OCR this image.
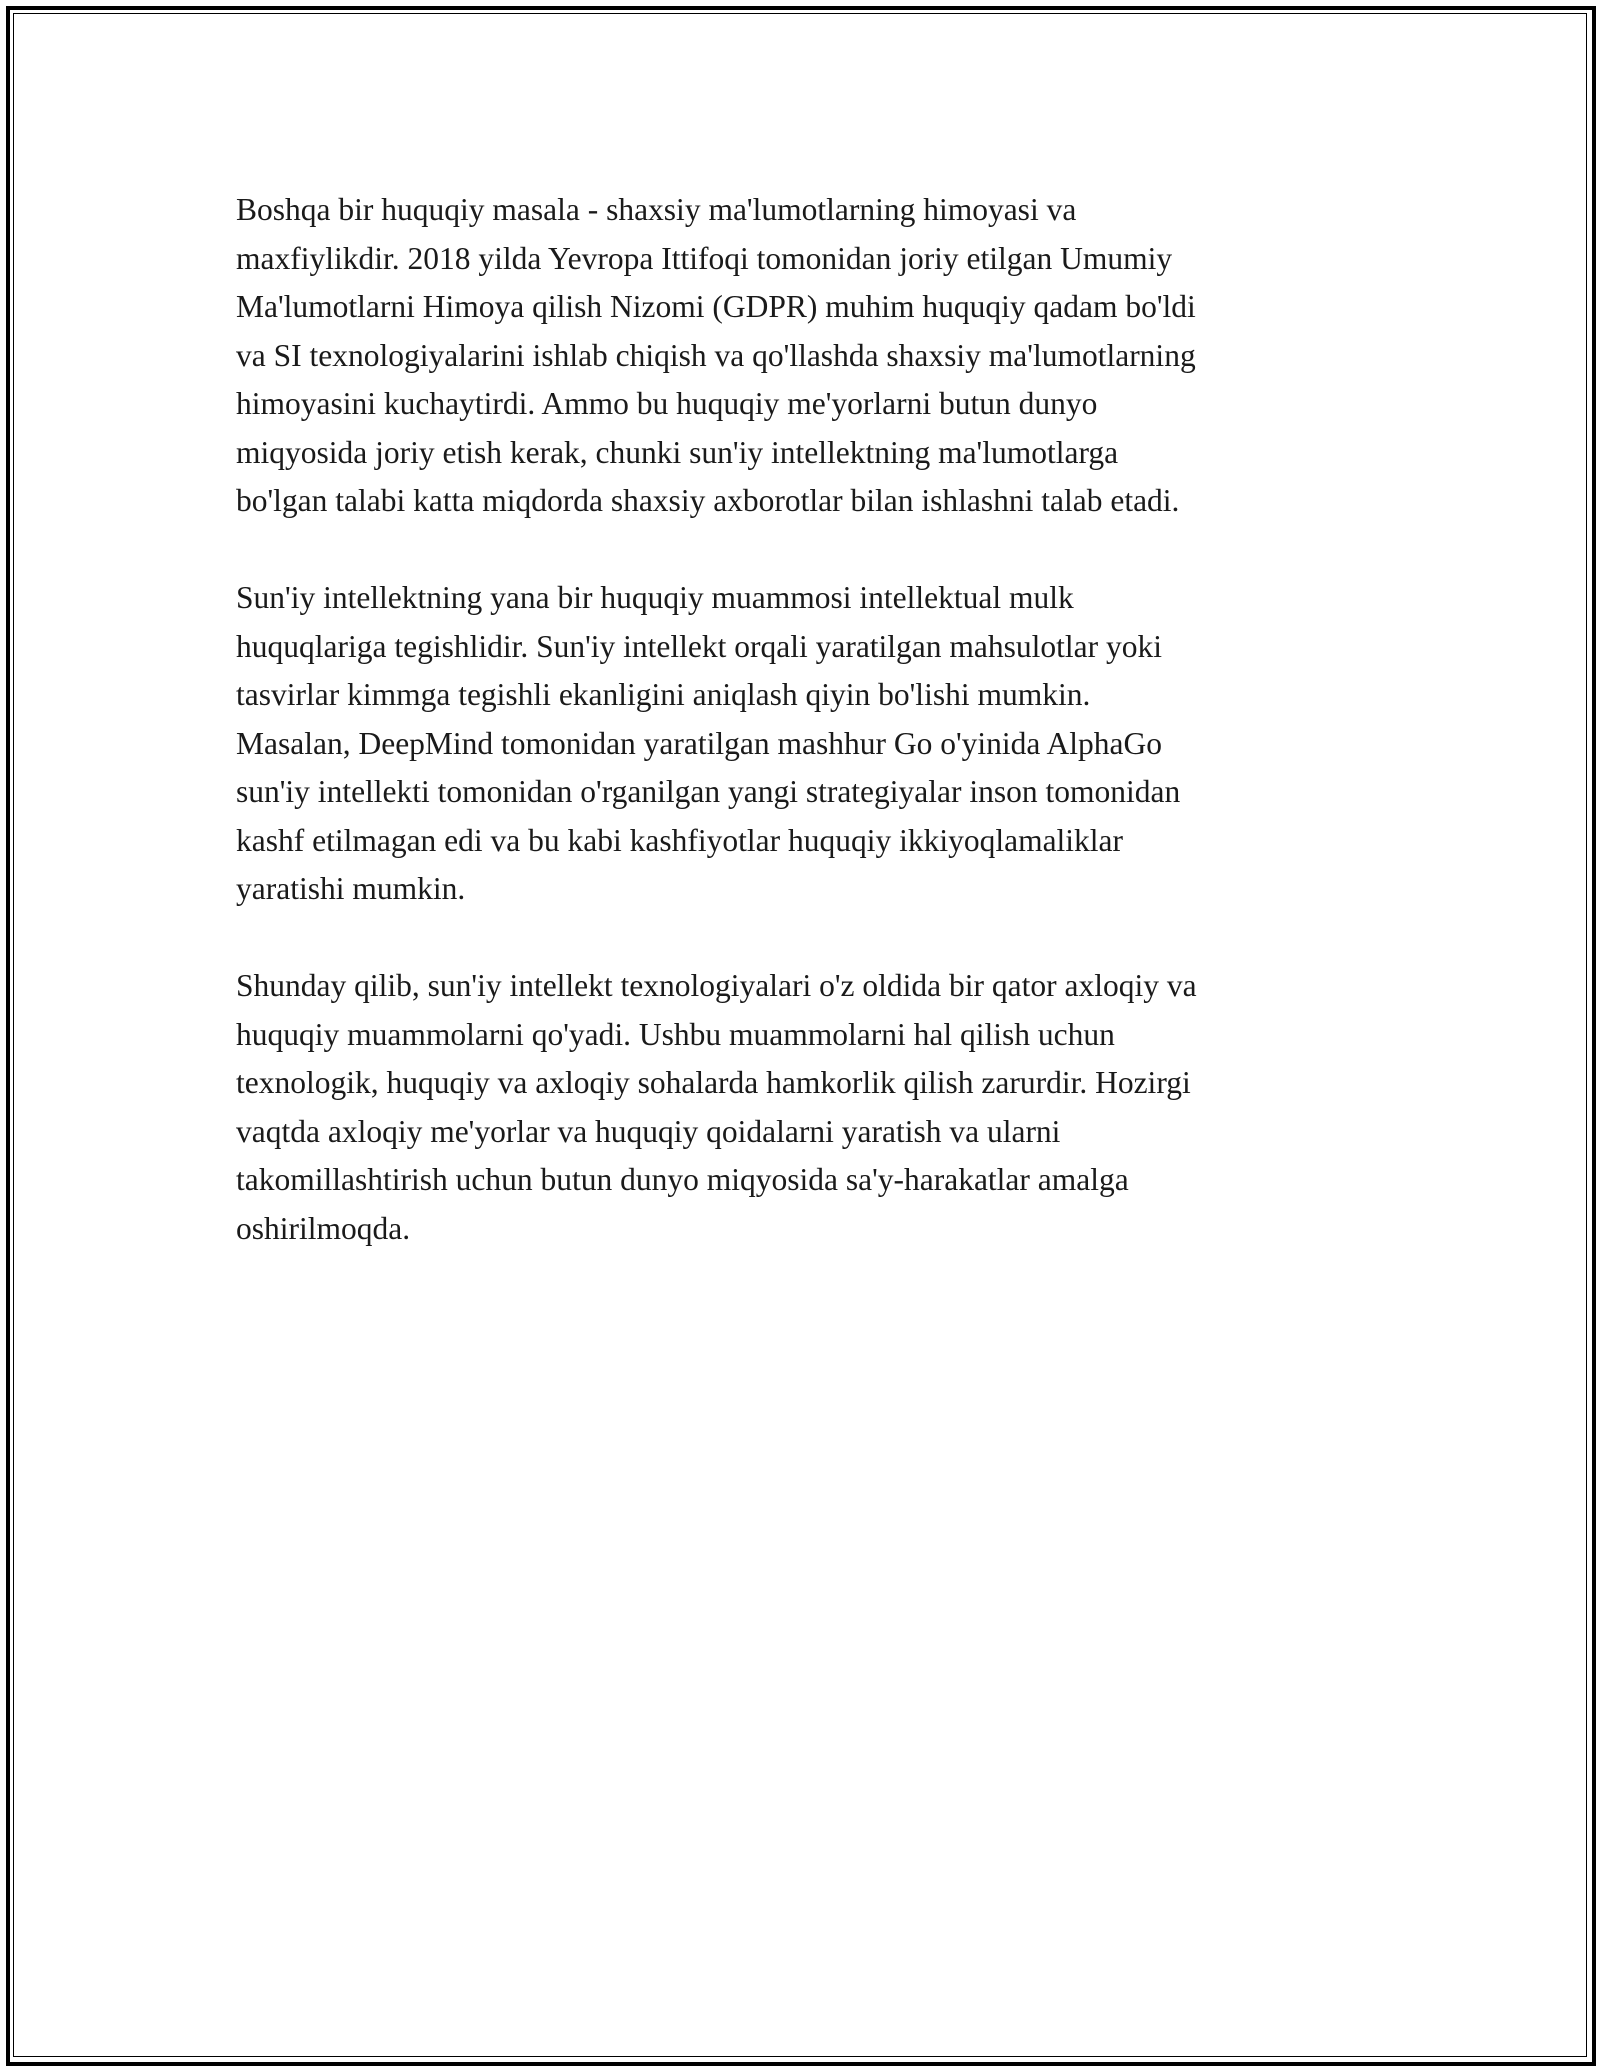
Boshqa bir huquqiy masala - shaxsiy ma'lumotlarning himoyasi va
maxfiylikdir. 2018 yilda Yevropa Ittifoqi tomonidan joriy etilgan Umumiy
Ma'lumotlarni Himoya qilish Nizomi (GDPR) muhim huquqiy qadam bo'ldi
va SI texnologiyalarini ishlab chiqish va qo'llashda shaxsiy ma'lumotlarning
himoyasini kuchaytirdi. Ammo bu huquqiy me'yorlarni butun dunyo
miqyosida joriy etish kerak, chunki sun'iy intellektning ma'lumotlarga
bo'lgan talabi katta miqdorda shaxsiy axborotlar bilan ishlashni talab etadi.

Sun'iy intellektning yana bir huquqiy muammosi intellektual mulk
huquqlariga tegishlidir. Sun'iy intellekt orqali yaratilgan mahsulotlar yoki
tasvirlar kimmga tegishli ekanligini aniqlash qiyin bo'lishi mumkin.
Masalan, DeepMind tomonidan yaratilgan mashhur Go o'yinida AlphaGo
sun'iy intellekti tomonidan o'rganilgan yangi strategiyalar inson tomonidan
kashf etilmagan edi va bu kabi kashfiyotlar huquqiy ikkiyoqlamaliklar
yaratishi mumkin.

Shunday qilib, sun'iy intellekt texnologiyalari o'z oldida bir qator axloqiy va
huquqiy muammolarni qo'yadi. Ushbu muammolarni hal qilish uchun
texnologik, huquqiy va axloqiy sohalarda hamkorlik qilish zarurdir. Hozirgi
vaqtda axloqiy me'yorlar va huquqiy qoidalarni yaratish va ularni
takomillashtirish uchun butun dunyo miqyosida sa'y-harakatlar amalga
oshirilmoqda.
